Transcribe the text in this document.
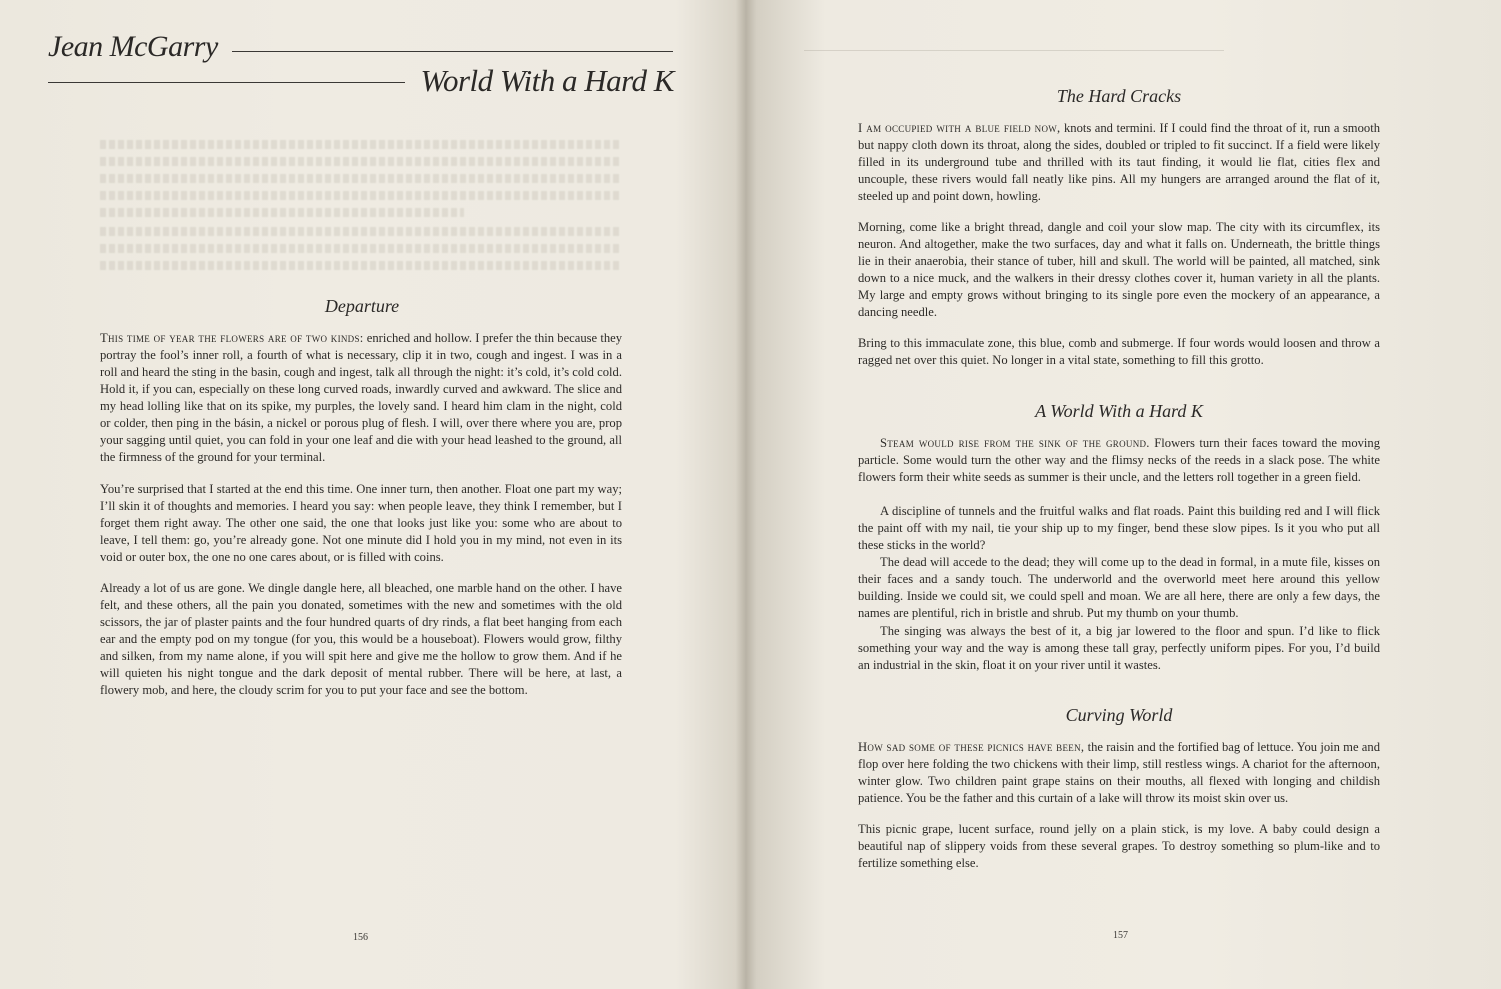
Jean McGarry
World With a Hard K
Departure

This time of year the flowers are of two kinds: enriched and hollow. I prefer the thin because they portray the fool’s inner roll, a fourth of what is necessary, clip it in two, cough and ingest. I was in a roll and heard the sting in the basin, cough and ingest, talk all through the night: it’s cold, it’s cold cold. Hold it, if you can, especially on these long curved roads, inwardly curved and awkward. The slice and my head lolling like that on its spike, my purples, the lovely sand. I heard him clam in the night, cold or colder, then ping in the básin, a nickel or porous plug of flesh. I will, over there where you are, prop your sagging until quiet, you can fold in your one leaf and die with your head leashed to the ground, all the firmness of the ground for your terminal.

You’re surprised that I started at the end this time. One inner turn, then another. Float one part my way; I’ll skin it of thoughts and memories. I heard you say: when people leave, they think I remember, but I forget them right away. The other one said, the one that looks just like you: some who are about to leave, I tell them: go, you’re already gone. Not one minute did I hold you in my mind, not even in its void or outer box, the one no one cares about, or is filled with coins.

Already a lot of us are gone. We dingle dangle here, all bleached, one marble hand on the other. I have felt, and these others, all the pain you donated, sometimes with the new and sometimes with the old scissors, the jar of plaster paints and the four hundred quarts of dry rinds, a flat beet hanging from each ear and the empty pod on my tongue (for you, this would be a houseboat). Flowers would grow, filthy and silken, from my name alone, if you will spit here and give me the hollow to grow them. And if he will quieten his night tongue and the dark deposit of mental rubber. There will be here, at last, a flowery mob, and here, the cloudy scrim for you to put your face and see the bottom.

156
The Hard Cracks

I am occupied with a blue field now, knots and termini. If I could find the throat of it, run a smooth but nappy cloth down its throat, along the sides, doubled or tripled to fit succinct. If a field were likely filled in its underground tube and thrilled with its taut finding, it would lie flat, cities flex and uncouple, these rivers would fall neatly like pins. All my hungers are arranged around the flat of it, steeled up and point down, howling.

Morning, come like a bright thread, dangle and coil your slow map. The city with its circumflex, its neuron. And altogether, make the two surfaces, day and what it falls on. Underneath, the brittle things lie in their anaerobia, their stance of tuber, hill and skull. The world will be painted, all matched, sink down to a nice muck, and the walkers in their dressy clothes cover it, human variety in all the plants. My large and empty grows without bringing to its single pore even the mockery of an appearance, a dancing needle.

Bring to this immaculate zone, this blue, comb and submerge. If four words would loosen and throw a ragged net over this quiet. No longer in a vital state, something to fill this grotto.

A World With a Hard K

Steam would rise from the sink of the ground. Flowers turn their faces toward the moving particle. Some would turn the other way and the flimsy necks of the reeds in a slack pose. The white flowers form their white seeds as summer is their uncle, and the letters roll together in a green field.

A discipline of tunnels and the fruitful walks and flat roads. Paint this building red and I will flick the paint off with my nail, tie your ship up to my finger, bend these slow pipes. Is it you who put all these sticks in the world?

The dead will accede to the dead; they will come up to the dead in formal, in a mute file, kisses on their faces and a sandy touch. The underworld and the overworld meet here around this yellow building. Inside we could sit, we could spell and moan. We are all here, there are only a few days, the names are plentiful, rich in bristle and shrub. Put my thumb on your thumb.

The singing was always the best of it, a big jar lowered to the floor and spun. I’d like to flick something your way and the way is among these tall gray, perfectly uniform pipes. For you, I’d build an industrial in the skin, float it on your river until it wastes.

Curving World

How sad some of these picnics have been, the raisin and the fortified bag of lettuce. You join me and flop over here folding the two chickens with their limp, still restless wings. A chariot for the afternoon, winter glow. Two children paint grape stains on their mouths, all flexed with longing and childish patience. You be the father and this curtain of a lake will throw its moist skin over us.

This picnic grape, lucent surface, round jelly on a plain stick, is my love. A baby could design a beautiful nap of slippery voids from these several grapes. To destroy something so plum-like and to fertilize something else.

157
